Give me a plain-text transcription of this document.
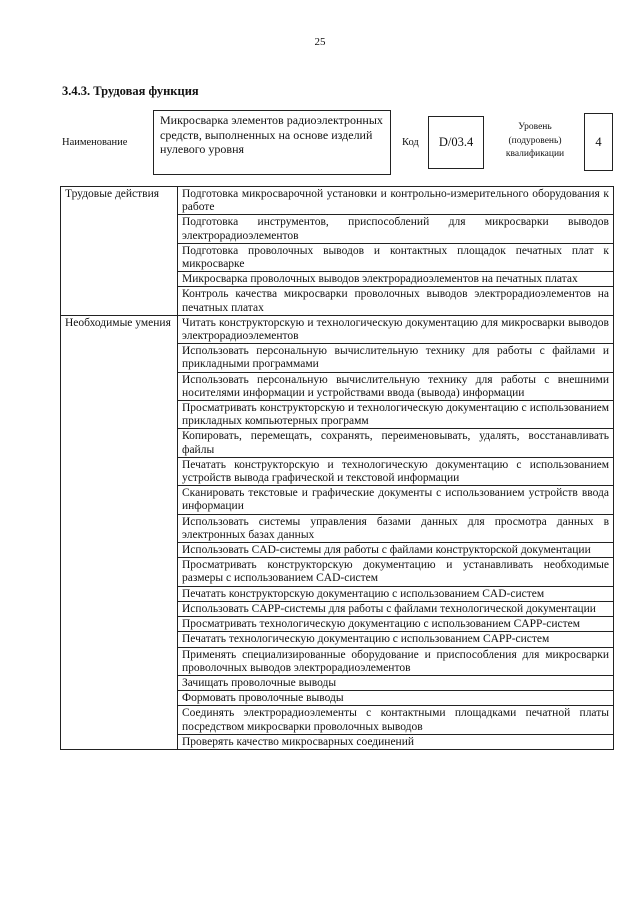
25
3.4.3. Трудовая функция
Наименование
Микросварка элементов радиоэлектронных средств, выполненных на основе изделий нулевого уровня	Код	D/03.4
Уровень (подуровень) квалификации
4
Трудовые действия	Подготовка микросварочной установки и контрольно-измерительного оборудования к работе
	Подготовка инструментов, приспособлений для микросварки выводов электрорадиоэлементов
	Подготовка проволочных выводов и контактных площадок печатных плат к микросварке
	Микросварка проволочных выводов электрорадиоэлементов на печатных платах
	Контроль качества микросварки проволочных выводов электрорадиоэлементов на печатных платах
Необходимые умения	Читать конструкторскую и технологическую документацию для микросварки выводов электрорадиоэлементов
	Использовать персональную вычислительную технику для работы с файлами и прикладными программами
	Использовать персональную вычислительную технику для работы с внешними носителями информации и устройствами ввода (вывода) информации
	Просматривать конструкторскую и технологическую документацию с использованием прикладных компьютерных программ
	Копировать, перемещать, сохранять, переименовывать, удалять, восстанавливать файлы
	Печатать конструкторскую и технологическую документацию с использованием устройств вывода графической и текстовой информации
	Сканировать текстовые и графические документы с использованием устройств ввода информации
	Использовать системы управления базами данных для просмотра данных в электронных базах данных
	Использовать CAD-системы для работы с файлами конструкторской документации
	Просматривать конструкторскую документацию и устанавливать необходимые размеры с использованием CAD-систем
	Печатать конструкторскую документацию с использованием CAD-систем
	Использовать CAPP-системы для работы с файлами технологической документации
	Просматривать технологическую документацию с использованием CAPP-систем
	Печатать технологическую документацию с использованием CAPP-систем
	Применять специализированные оборудование и приспособления для микросварки проволочных выводов электрорадиоэлементов
	Зачищать проволочные выводы
	Формовать проволочные выводы
	Соединять электрорадиоэлементы с контактными площадками печатной платы посредством микросварки проволочных выводов
	Проверять качество микросварных соединений
